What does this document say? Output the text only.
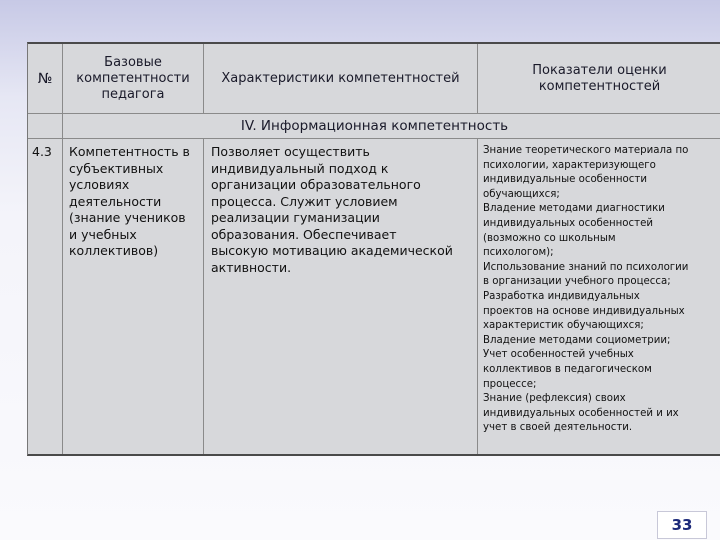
№
Базовые
компетентности
педагога
Характеристики компетентностей
Показатели оценки
компетентностей
IV. Информационная компетентность
4.3 Компетентность в
субъективных
условиях
деятельности
(знание учеников
и учебных
коллективов)
Позволяет осуществить
индивидуальный подход к
организации образовательного
процесса. Служит условием
реализации гуманизации
образования. Обеспечивает
высокую мотивацию академической
активности.
Знание теоретического материала по
психологии, характеризующего
индивидуальные особенности
обучающихся;
Владение методами диагностики
индивидуальных особенностей
(возможно со школьным
психологом);
Использование знаний по психологии
в организации учебного процесса;
Разработка индивидуальных
проектов на основе индивидуальных
характеристик обучающихся;
Владение методами социометрии;
Учет особенностей учебных
коллективов в педагогическом
процессе;
Знание (рефлексия) своих
индивидуальных особенностей и их
учет в своей деятельности.
33
